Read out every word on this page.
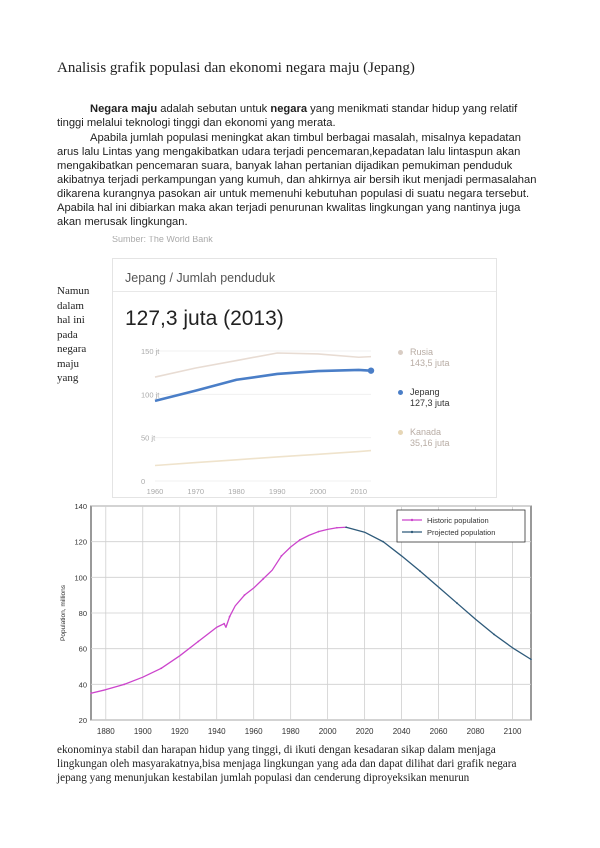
Analisis grafik populasi dan ekonomi negara maju (Jepang)
Negara maju adalah sebutan untuk negara yang menikmati standar hidup yang relatif tinggi melalui teknologi tinggi dan ekonomi yang merata.
Apabila jumlah populasi meningkat akan timbul berbagai masalah, misalnya kepadatan arus lalu Lintas yang mengakibatkan udara terjadi pencemaran,kepadatan lalu lintaspun akan mengakibatkan pencemaran suara, banyak lahan pertanian dijadikan pemukiman penduduk akibatnya terjadi perkampungan yang kumuh, dan ahkirnya air bersih ikut menjadi permasalahan dikarena kurangnya pasokan air untuk memenuhi kebutuhan populasi di suatu negara tersebut. Apabila hal ini dibiarkan maka akan terjadi penurunan kwalitas lingkungan yang nantinya juga akan merusak lingkungan.
Namun dalam hal ini pada negara maju yang
Sumber: The World Bank
Jepang / Jumlah penduduk
127,3 juta (2013)
0
50 jt
100 jt
150 jt
1960	1970	1980	1990	2000	2010
Rusia
143,5 juta
Jepang
127,3 juta
Kanada
35,16 juta
1880 1900 1920 1940 1960 1980 2000 2020 2040 2060 2080 2100
20
40
60
80
100
120
140
Population, millions
Historic population
Projected population
ekonominya stabil dan harapan hidup yang tinggi, di ikuti dengan kesadaran sikap dalam menjaga lingkungan oleh masyarakatnya,bisa menjaga lingkungan yang ada dan dapat dilihat dari grafik negara jepang yang menunjukan kestabilan jumlah populasi dan cenderung diproyeksikan menurun
